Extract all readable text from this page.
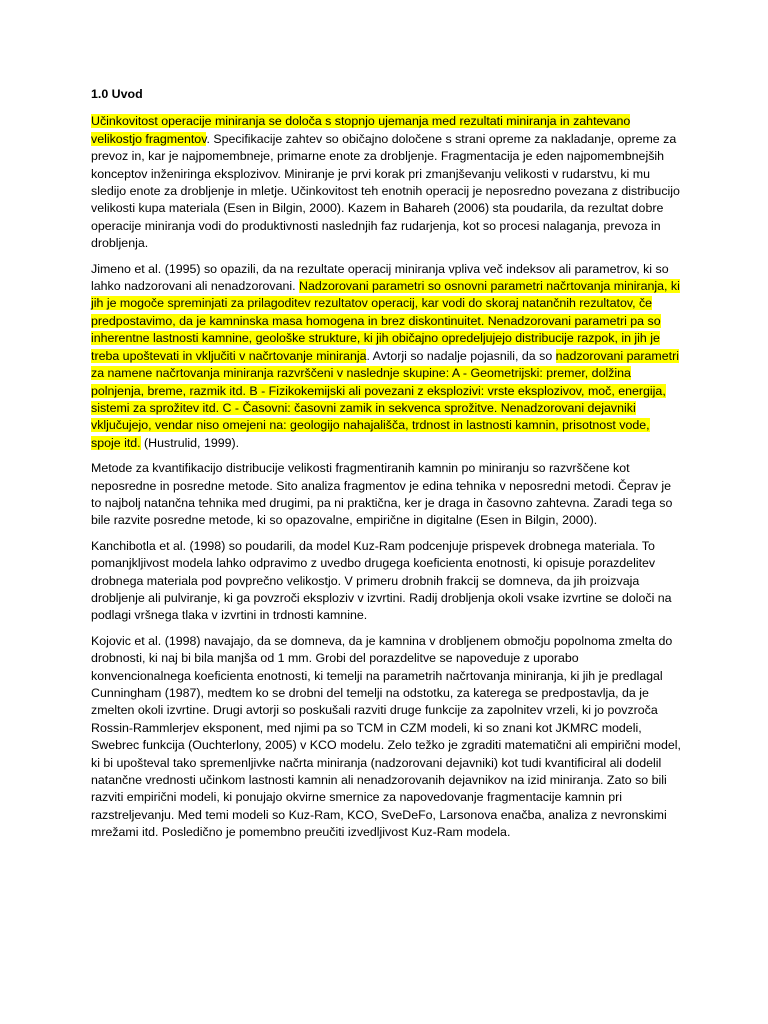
1.0 Uvod

Učinkovitost operacije miniranja se določa s stopnjo ujemanja med rezultati miniranja in zahtevano velikostjo fragmentov. Specifikacije zahtev so običajno določene s strani opreme za nakladanje, opreme za prevoz in, kar je najpomembneje, primarne enote za drobljenje. Fragmentacija je eden najpomembnejših konceptov inženiringa eksplozivov. Miniranje je prvi korak pri zmanjševanju velikosti v rudarstvu, ki mu sledijo enote za drobljenje in mletje. Učinkovitost teh enotnih operacij je neposredno povezana z distribucijo velikosti kupa materiala (Esen in Bilgin, 2000). Kazem in Bahareh (2006) sta poudarila, da rezultat dobre operacije miniranja vodi do produktivnosti naslednjih faz rudarjenja, kot so procesi nalaganja, prevoza in drobljenja.

Jimeno et al. (1995) so opazili, da na rezultate operacij miniranja vpliva več indeksov ali parametrov, ki so lahko nadzorovani ali nenadzorovani. Nadzorovani parametri so osnovni parametri načrtovanja miniranja, ki jih je mogoče spreminjati za prilagoditev rezultatov operacij, kar vodi do skoraj natančnih rezultatov, če predpostavimo, da je kamninska masa homogena in brez diskontinuitet. Nenadzorovani parametri pa so inherentne lastnosti kamnine, geološke strukture, ki jih običajno opredeljujejo distribucije razpok, in jih je treba upoštevati in vključiti v načrtovanje miniranja. Avtorji so nadalje pojasnili, da so nadzorovani parametri za namene načrtovanja miniranja razvrščeni v naslednje skupine: A - Geometrijski: premer, dolžina polnjenja, breme, razmik itd. B - Fizikokemijski ali povezani z eksplozivi: vrste eksplozivov, moč, energija, sistemi za sprožitev itd. C - Časovni: časovni zamik in sekvenca sprožitve. Nenadzorovani dejavniki vključujejo, vendar niso omejeni na: geologijo nahajališča, trdnost in lastnosti kamnin, prisotnost vode, spoje itd. (Hustrulid, 1999).

Metode za kvantifikacijo distribucije velikosti fragmentiranih kamnin po miniranju so razvrščene kot neposredne in posredne metode. Sito analiza fragmentov je edina tehnika v neposredni metodi. Čeprav je to najbolj natančna tehnika med drugimi, pa ni praktična, ker je draga in časovno zahtevna. Zaradi tega so bile razvite posredne metode, ki so opazovalne, empirične in digitalne (Esen in Bilgin, 2000).

Kanchibotla et al. (1998) so poudarili, da model Kuz-Ram podcenjuje prispevek drobnega materiala. To pomanjkljivost modela lahko odpravimo z uvedbo drugega koeficienta enotnosti, ki opisuje porazdelitev drobnega materiala pod povprečno velikostjo. V primeru drobnih frakcij se domneva, da jih proizvaja drobljenje ali pulviranje, ki ga povzroči eksploziv v izvrtini. Radij drobljenja okoli vsake izvrtine se določi na podlagi vršnega tlaka v izvrtini in trdnosti kamnine.

Kojovic et al. (1998) navajajo, da se domneva, da je kamnina v drobljenem območju popolnoma zmelta do drobnosti, ki naj bi bila manjša od 1 mm. Grobi del porazdelitve se napoveduje z uporabo konvencionalnega koeficienta enotnosti, ki temelji na parametrih načrtovanja miniranja, ki jih je predlagal Cunningham (1987), medtem ko se drobni del temelji na odstotku, za katerega se predpostavlja, da je zmelten okoli izvrtine. Drugi avtorji so poskušali razviti druge funkcije za zapolnitev vrzeli, ki jo povzroča Rossin-Rammlerjev eksponent, med njimi pa so TCM in CZM modeli, ki so znani kot JKMRC modeli, Swebrec funkcija (Ouchterlony, 2005) v KCO modelu. Zelo težko je zgraditi matematični ali empirični model, ki bi upošteval tako spremenljivke načrta miniranja (nadzorovani dejavniki) kot tudi kvantificiral ali dodelil natančne vrednosti učinkom lastnosti kamnin ali nenadzorovanih dejavnikov na izid miniranja. Zato so bili razviti empirični modeli, ki ponujajo okvirne smernice za napovedovanje fragmentacije kamnin pri razstreljevanju. Med temi modeli so Kuz-Ram, KCO, SveDeFo, Larsonova enačba, analiza z nevronskimi mrežami itd. Posledično je pomembno preučiti izvedljivost Kuz-Ram modela.
